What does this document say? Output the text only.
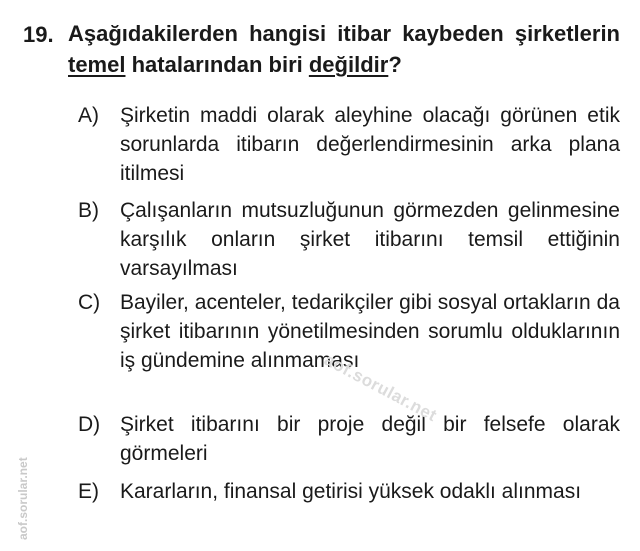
19. Aşağıdakilerden hangisi itibar kaybeden şirketlerin temel hatalarından biri değildir?
A)	Şirketin maddi olarak aleyhine olacağı görünen etik sorunlarda itibarın değerlendirmesinin arka plana itilmesi
B)	Çalışanların mutsuzluğunun görmezden gelinmesine karşılık onların şirket itibarını temsil ettiğinin varsayılması
C) Bayiler, acenteler, tedarikçiler gibi sosyal ortakların da şirket itibarının yönetilmesinden sorumlu olduklarının iş gündemine alınmaması
D) Şirket itibarını bir proje değil bir felsefe olarak görmeleri
E)	Kararların, finansal getirisi yüksek odaklı alınması
aof.sorular.net
aof.sorular.net
